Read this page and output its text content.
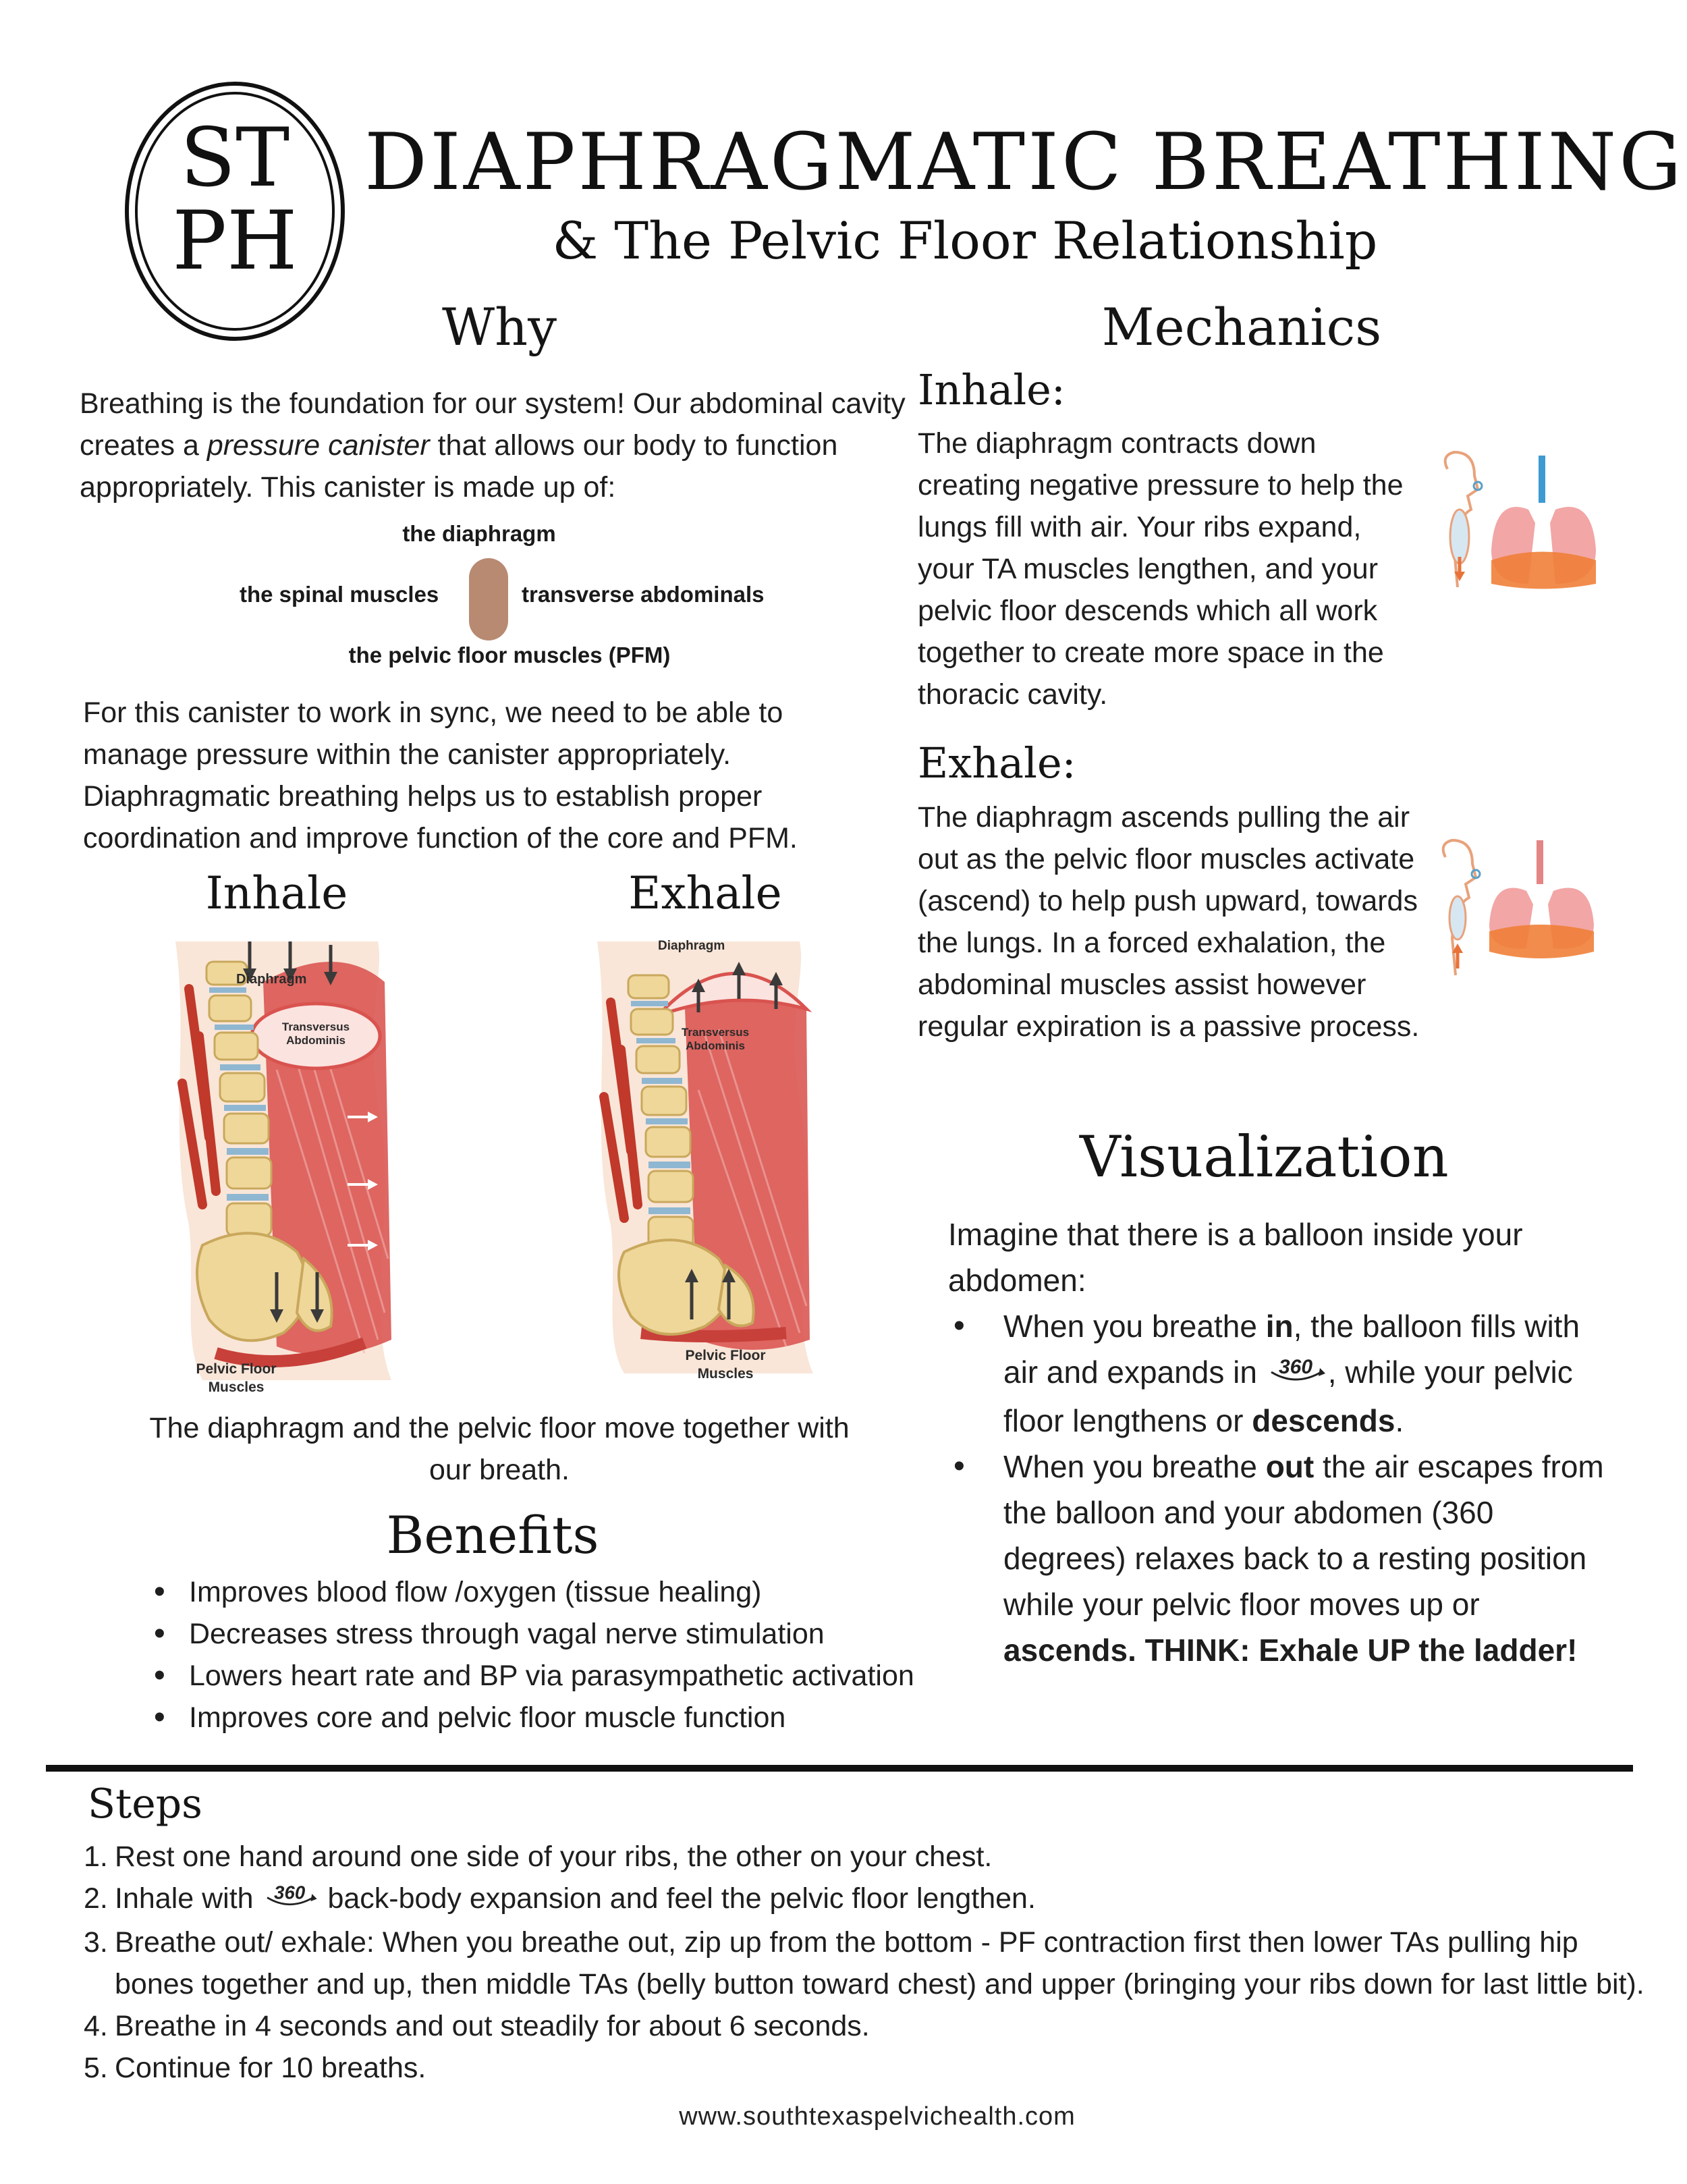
ST
PH
DIAPHRAGMATIC BREATHING
& The Pelvic Floor Relationship
Why
Breathing is the foundation for our system! Our abdominal cavity creates a pressure canister that allows our body to function appropriately. This canister is made up of:
the diaphragm
the spinal muscles	transverse abdominals
the pelvic floor muscles (PFM)
For this canister to work in sync, we need to be able to manage pressure within the canister appropriately. Diaphragmatic breathing helps us to establish proper coordination and improve function of the core and PFM.
Inhale	Exhale
Diaphragm
Transversus
Abdominis
Pelvic Floor
Muscles
Diaphragm
Transversus
Abdominis
Pelvic Floor
Muscles
The diaphragm and the pelvic floor move together with our breath.
Benefits
• Improves blood flow /oxygen (tissue healing)
• Decreases stress through vagal nerve stimulation
• Lowers heart rate and BP via parasympathetic activation
• Improves core and pelvic floor muscle function
Mechanics
Inhale:
The diaphragm contracts down creating negative pressure to help the lungs fill with air. Your ribs expand, your TA muscles lengthen, and your pelvic floor descends which all work together to create more space in the thoracic cavity.
Exhale:
The diaphragm ascends pulling the air out as the pelvic floor muscles activate (ascend) to help push upward, towards the lungs. In a forced exhalation, the abdominal muscles assist however regular expiration is a passive process.
Visualization
Imagine that there is a balloon inside your abdomen:
• When you breathe in, the balloon fills with air and expands in 360 , while your pelvic floor lengthens or descends.
• When you breathe out the air escapes from the balloon and your abdomen (360 degrees) relaxes back to a resting position while your pelvic floor moves up or ascends. THINK: Exhale UP the ladder!
Steps
1. Rest one hand around one side of your ribs, the other on your chest.
2. Inhale with 360 back-body expansion and feel the pelvic floor lengthen.
3. Breathe out/ exhale: When you breathe out, zip up from the bottom - PF contraction first then lower TAs pulling hip bones together and up, then middle TAs (belly button toward chest) and upper (bringing your ribs down for last little bit).
4. Breathe in 4 seconds and out steadily for about 6 seconds.
5. Continue for 10 breaths.
www.southtexaspelvichealth.com
